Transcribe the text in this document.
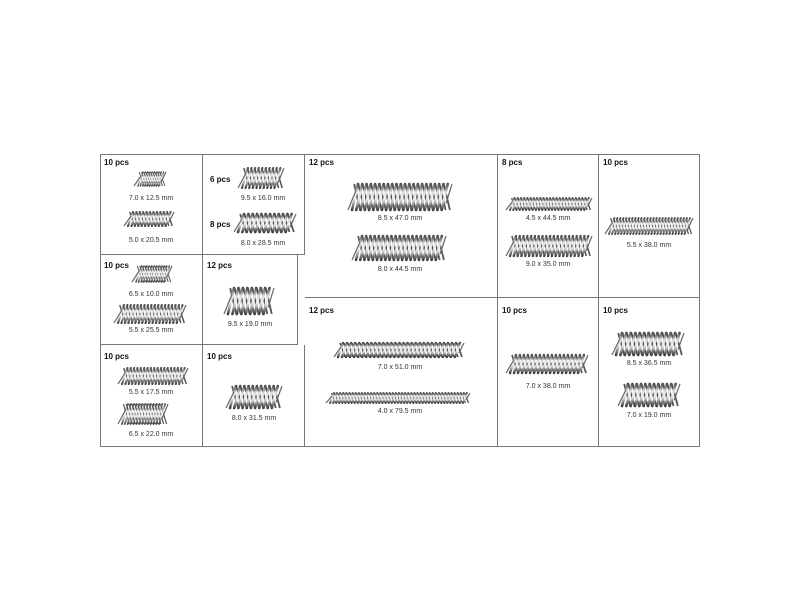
10 pcs
7.0 x 12.5 mm
5.0 x 20.5 mm
6 pcs
9.5 x 16.0 mm
8 pcs
8.0 x 28.5 mm
12 pcs
8.5 x 47.0 mm
8.0 x 44.5 mm
8 pcs
4.5 x 44.5 mm
9.0 x 35.0 mm
10 pcs
5.5 x 38.0 mm
10 pcs
6.5 x 10.0 mm
5.5 x 25.5 mm
12 pcs
9.5 x 19.0 mm
12 pcs
7.0 x 51.0 mm
4.0 x 79.5 mm
10 pcs
7.0 x 38.0 mm
10 pcs
8.5 x 36.5 mm
7.0 x 19.0 mm
10 pcs
5.5 x 17.5 mm
6.5 x 22.0 mm
10 pcs
8.0 x 31.5 mm
